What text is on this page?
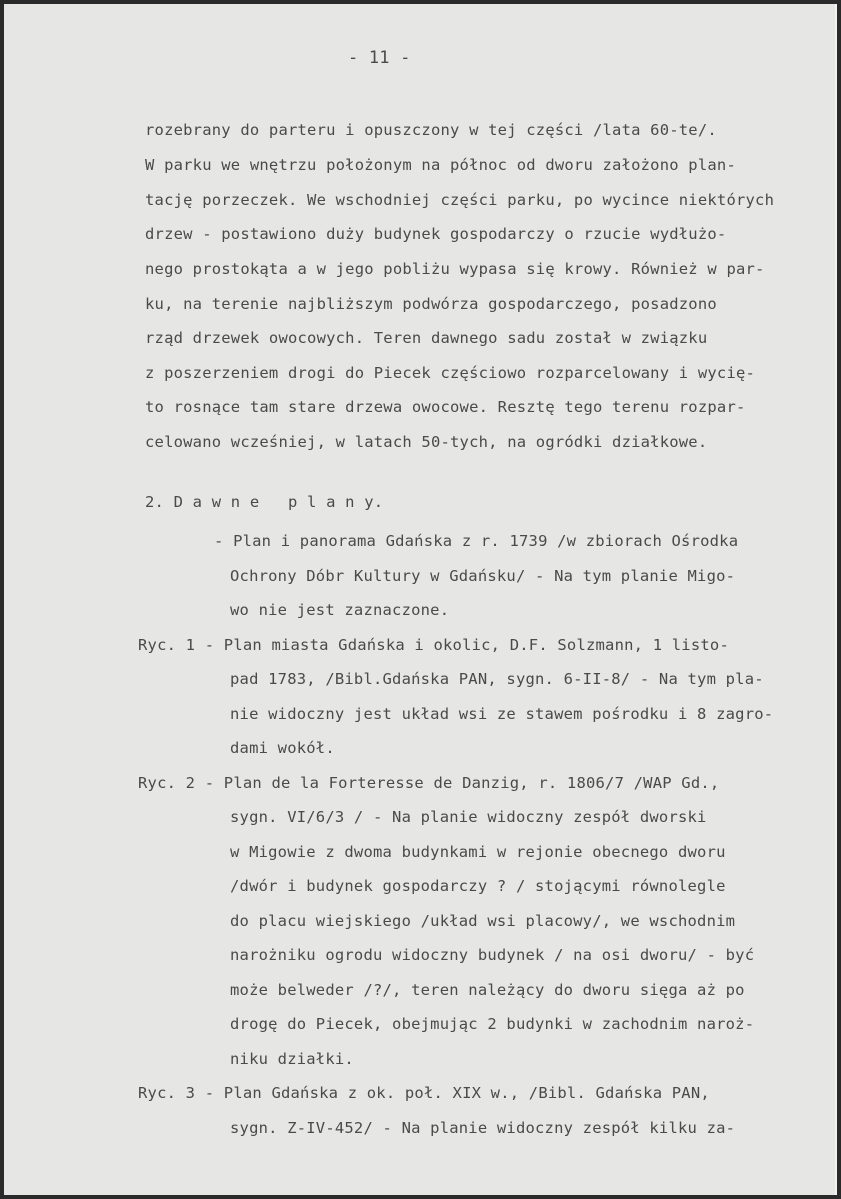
- 11 -
rozebrany do parteru i opuszczony w tej części /lata 60-te/.
W parku we wnętrzu położonym na północ od dworu założono plan-
tację porzeczek. We wschodniej części parku, po wycince niektórych
drzew - postawiono duży budynek gospodarczy o rzucie wydłużo-
nego prostokąta a w jego pobliżu wypasa się krowy. Również w par-
ku, na terenie najbliższym podwórza gospodarczego, posadzono
rząd drzewek owocowych. Teren dawnego sadu został w związku
z poszerzeniem drogi do Piecek częściowo rozparcelowany i wycię-
to rosnące tam stare drzewa owocowe. Resztę tego terenu rozpar-
celowano wcześniej, w latach 50-tych, na ogródki działkowe.
2. D a w n e   p l a n y.
- Plan i panorama Gdańska z r. 1739 /w zbiorach Ośrodka
Ochrony Dóbr Kultury w Gdańsku/ - Na tym planie Migo-
wo nie jest zaznaczone.
Ryc. 1 - Plan miasta Gdańska i okolic, D.F. Solzmann, 1 listo-
pad 1783, /Bibl.Gdańska PAN, sygn. 6-II-8/ - Na tym pla-
nie widoczny jest układ wsi ze stawem pośrodku i 8 zagro-
dami wokół.
Ryc. 2 - Plan de la Forteresse de Danzig, r. 1806/7 /WAP Gd.,
sygn. VI/6/3 / - Na planie widoczny zespół dworski
w Migowie z dwoma budynkami w rejonie obecnego dworu
/dwór i budynek gospodarczy ? / stojącymi równolegle
do placu wiejskiego /układ wsi placowy/, we wschodnim
narożniku ogrodu widoczny budynek / na osi dworu/ - być
może belweder /?/, teren należący do dworu sięga aż po
drogę do Piecek, obejmując 2 budynki w zachodnim naroż-
niku działki.
Ryc. 3 - Plan Gdańska z ok. poł. XIX w., /Bibl. Gdańska PAN,
sygn. Z-IV-452/ - Na planie widoczny zespół kilku za-
